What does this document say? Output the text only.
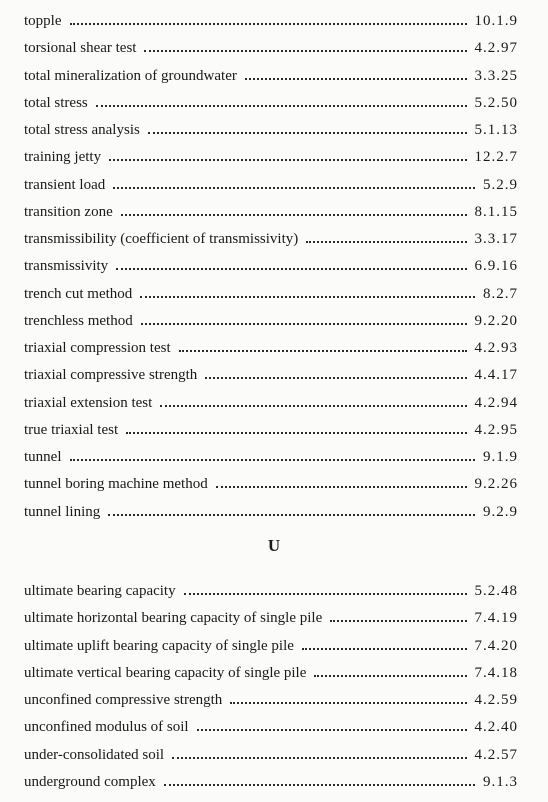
topple	10.1.9
torsional shear test	4.2.97
total mineralization of groundwater	3.3.25
total stress	5.2.50
total stress analysis	5.1.13
training jetty	12.2.7
transient load	5.2.9
transition zone	8.1.15
transmissibility (coefficient of transmissivity)	3.3.17
transmissivity	6.9.16
trench cut method	8.2.7
trenchless method	9.2.20
triaxial compression test	4.2.93
triaxial compressive strength	4.4.17
triaxial extension test	4.2.94
true triaxial test	4.2.95
tunnel	9.1.9
tunnel boring machine method	9.2.26
tunnel lining	9.2.9
U
ultimate bearing capacity	5.2.48
ultimate horizontal bearing capacity of single pile	7.4.19
ultimate uplift bearing capacity of single pile	7.4.20
ultimate vertical bearing capacity of single pile	7.4.18
unconfined compressive strength	4.2.59
unconfined modulus of soil	4.2.40
under-consolidated soil	4.2.57
underground complex	9.1.3
